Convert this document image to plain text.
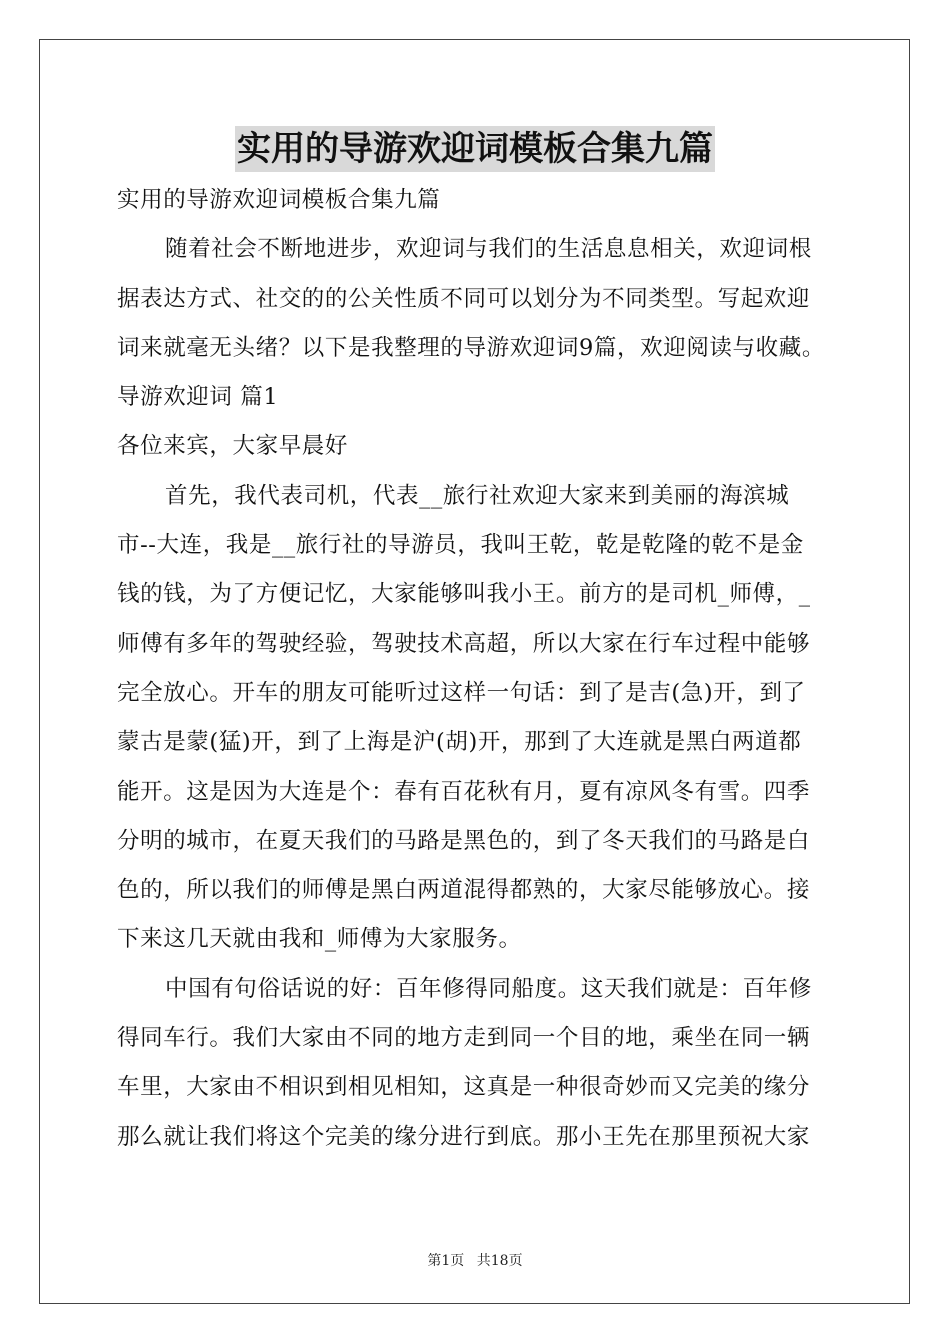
实用的导游欢迎词模板合集九篇
实用的导游欢迎词模板合集九篇
随着社会不断地进步，欢迎词与我们的生活息息相关，欢迎词根
据表达方式、社交的的公关性质不同可以划分为不同类型。写起欢迎
词来就毫无头绪？以下是我整理的导游欢迎词9篇，欢迎阅读与收藏。
导游欢迎词 篇1
各位来宾，大家早晨好
首先，我代表司机，代表__旅行社欢迎大家来到美丽的海滨城
市--大连，我是__旅行社的导游员，我叫王乾，乾是乾隆的乾不是金
钱的钱，为了方便记忆，大家能够叫我小王。前方的是司机_师傅，_
师傅有多年的驾驶经验，驾驶技术高超，所以大家在行车过程中能够
完全放心。开车的朋友可能听过这样一句话：到了是吉(急)开，到了
蒙古是蒙(猛)开，到了上海是沪(胡)开，那到了大连就是黑白两道都
能开。这是因为大连是个：春有百花秋有月，夏有凉风冬有雪。四季
分明的城市，在夏天我们的马路是黑色的，到了冬天我们的马路是白
色的，所以我们的师傅是黑白两道混得都熟的，大家尽能够放心。接
下来这几天就由我和_师傅为大家服务。
中国有句俗话说的好：百年修得同船度。这天我们就是：百年修
得同车行。我们大家由不同的地方走到同一个目的地，乘坐在同一辆
车里，大家由不相识到相见相知，这真是一种很奇妙而又完美的缘分
那么就让我们将这个完美的缘分进行到底。那小王先在那里预祝大家
第1页 共18页
